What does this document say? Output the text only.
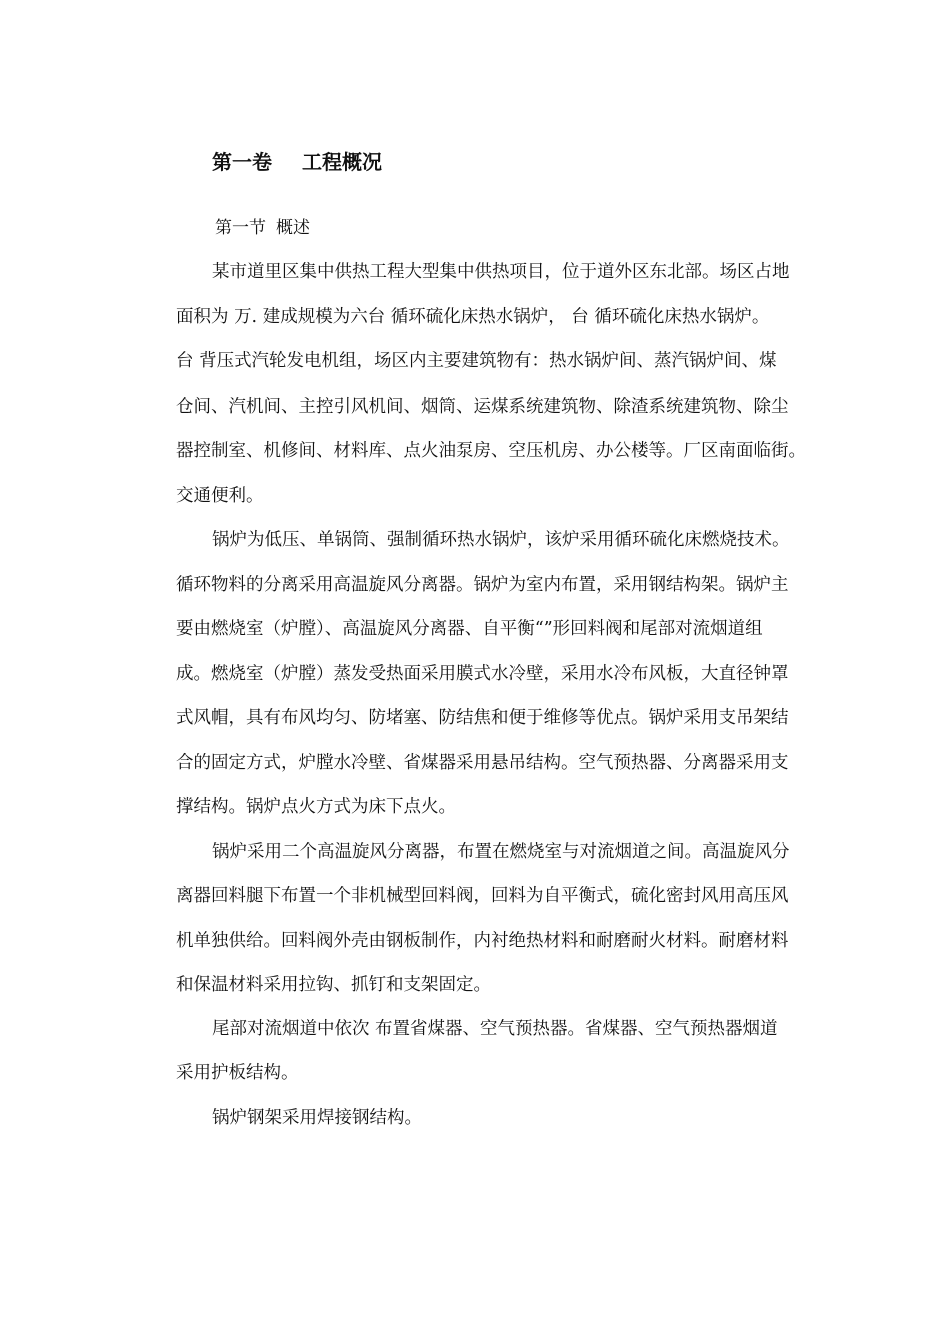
第一卷 工程概况
第一节 概述

某市道里区集中供热工程大型集中供热项目，位于道外区东北部。场区占地

面积为 万. 建成规模为六台 循环硫化床热水锅炉， 台 循环硫化床热水锅炉。

台 背压式汽轮发电机组，场区内主要建筑物有：热水锅炉间、蒸汽锅炉间、煤

仓间、汽机间、主控引风机间、烟筒、运煤系统建筑物、除渣系统建筑物、除尘

器控制室、机修间、材料库、点火油泵房、空压机房、办公楼等。厂区南面临街。

交通便利。

锅炉为低压、单锅筒、强制循环热水锅炉，该炉采用循环硫化床燃烧技术。

循环物料的分离采用高温旋风分离器。锅炉为室内布置，采用钢结构架。锅炉主

要由燃烧室（炉膛）、高温旋风分离器、自平衡“”形回料阀和尾部对流烟道组

成。燃烧室（炉膛）蒸发受热面采用膜式水冷壁，采用水冷布风板，大直径钟罩

式风帽，具有布风均匀、防堵塞、防结焦和便于维修等优点。锅炉采用支吊架结

合的固定方式，炉膛水冷壁、省煤器采用悬吊结构。空气预热器、分离器采用支

撑结构。锅炉点火方式为床下点火。

锅炉采用二个高温旋风分离器，布置在燃烧室与对流烟道之间。高温旋风分

离器回料腿下布置一个非机械型回料阀，回料为自平衡式，硫化密封风用高压风

机单独供给。回料阀外壳由钢板制作，内衬绝热材料和耐磨耐火材料。耐磨材料

和保温材料采用拉钩、抓钉和支架固定。

尾部对流烟道中依次 布置省煤器、空气预热器。省煤器、空气预热器烟道

采用护板结构。

锅炉钢架采用焊接钢结构。
